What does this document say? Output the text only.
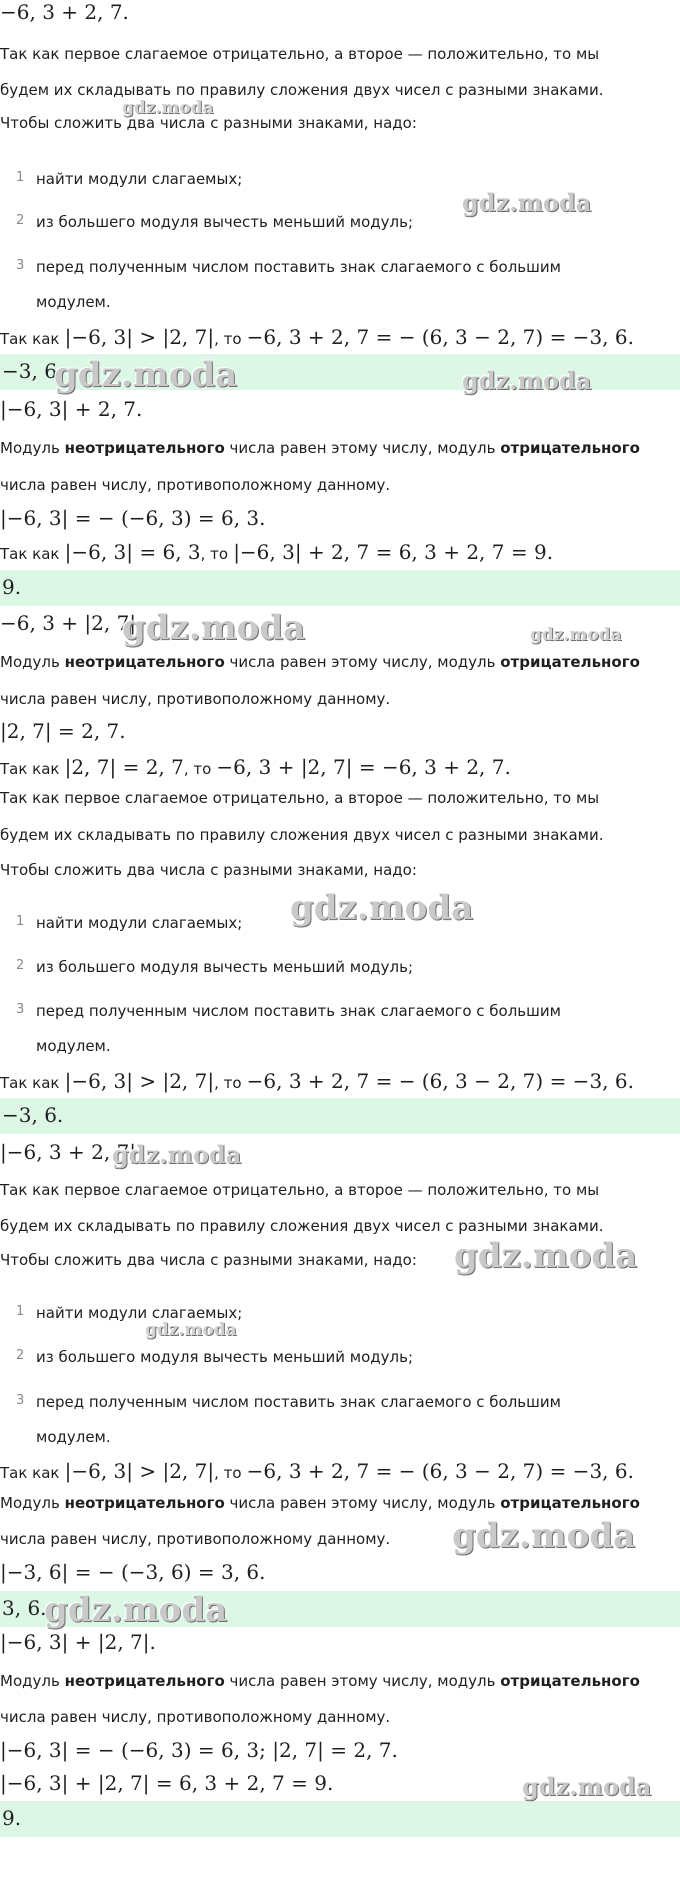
−6, 3 + 2, 7.
Так как первое слагаемое отрицательно, а второе — положительно, то мы
будем их складывать по правилу сложения двух чисел с разными знаками.
Чтобы сложить два числа с разными знаками, надо:
1 найти модули слагаемых;
2 из большего модуля вычесть меньший модуль;
3 перед полученным числом поставить знак слагаемого с большим
модулем.
Так как |−6, 3| > |2, 7|, то −6, 3 + 2, 7 = − (6, 3 − 2, 7) = −3, 6.
−3, 6.
|−6, 3| + 2, 7.
Модуль неотрицательного числа равен этому числу, модуль отрицательного
числа равен числу, противоположному данному.
|−6, 3| = − (−6, 3) = 6, 3.
Так как |−6, 3| = 6, 3, то |−6, 3| + 2, 7 = 6, 3 + 2, 7 = 9.
9.
−6, 3 + |2, 7|.
Модуль неотрицательного числа равен этому числу, модуль отрицательного
числа равен числу, противоположному данному.
|2, 7| = 2, 7.
Так как |2, 7| = 2, 7, то −6, 3 + |2, 7| = −6, 3 + 2, 7.
Так как первое слагаемое отрицательно, а второе — положительно, то мы
будем их складывать по правилу сложения двух чисел с разными знаками.
Чтобы сложить два числа с разными знаками, надо:
1 найти модули слагаемых;
2 из большего модуля вычесть меньший модуль;
3 перед полученным числом поставить знак слагаемого с большим
модулем.
Так как |−6, 3| > |2, 7|, то −6, 3 + 2, 7 = − (6, 3 − 2, 7) = −3, 6.
−3, 6.
|−6, 3 + 2, 7|.
Так как первое слагаемое отрицательно, а второе — положительно, то мы
будем их складывать по правилу сложения двух чисел с разными знаками.
Чтобы сложить два числа с разными знаками, надо:
1 найти модули слагаемых;
2 из большего модуля вычесть меньший модуль;
3 перед полученным числом поставить знак слагаемого с большим
модулем.
Так как |−6, 3| > |2, 7|, то −6, 3 + 2, 7 = − (6, 3 − 2, 7) = −3, 6.
Модуль неотрицательного числа равен этому числу, модуль отрицательного
числа равен числу, противоположному данному.
|−3, 6| = − (−3, 6) = 3, 6.
3, 6.
|−6, 3| + |2, 7|.
Модуль неотрицательного числа равен этому числу, модуль отрицательного
числа равен числу, противоположному данному.
|−6, 3| = − (−6, 3) = 6, 3; |2, 7| = 2, 7.
|−6, 3| + |2, 7| = 6, 3 + 2, 7 = 9.
9.
gdz.moda
gdz.moda
gdz.moda	gdz.moda
gdz.moda	gdz.moda
gdz.moda
gdz.moda
gdz.moda
gdz.moda
gdz.moda
gdz.moda
gdz.moda
